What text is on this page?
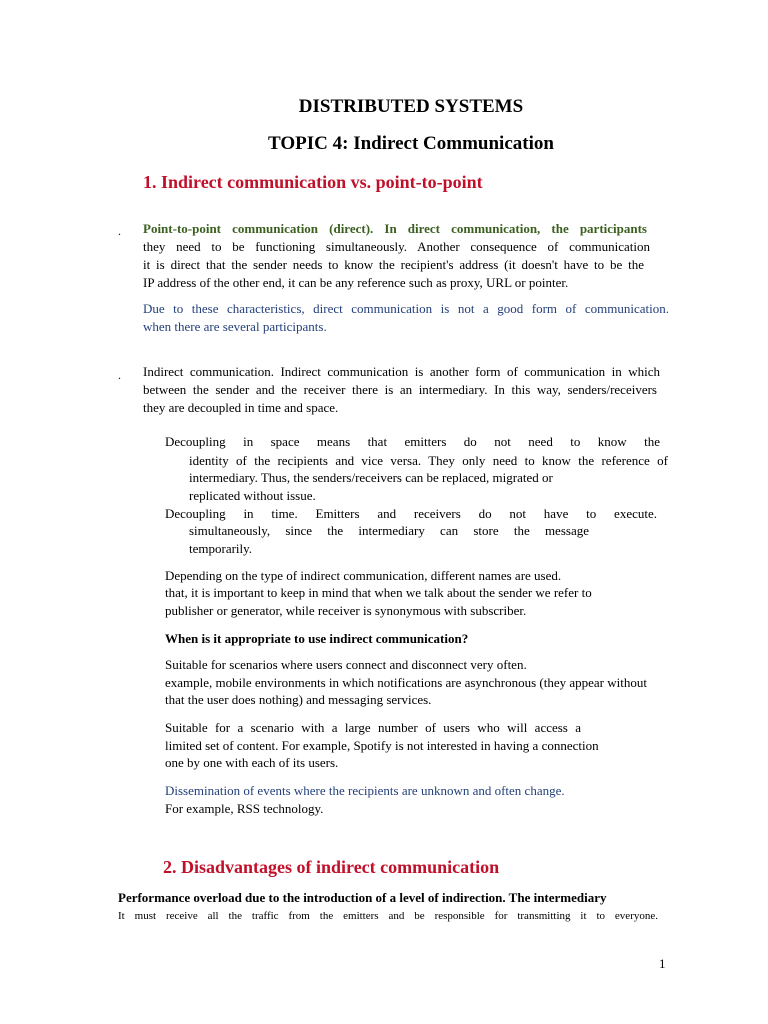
DISTRIBUTED SYSTEMS
TOPIC 4: Indirect Communication
1. Indirect communication vs. point-to-point
. Point-to-point communication (direct). In direct communication, the participants
they need to be functioning simultaneously. Another consequence of communication
it is direct that the sender needs to know the recipient's address (it doesn't have to be the
IP address of the other end, it can be any reference such as proxy, URL or pointer.
Due to these characteristics, direct communication is not a good form of communication.
when there are several participants.
. Indirect communication. Indirect communication is another form of communication in which
between the sender and the receiver there is an intermediary. In this way, senders/receivers
they are decoupled in time and space.
Decoupling in space means that emitters do not need to know the
identity of the recipients and vice versa. They only need to know the reference of
intermediary. Thus, the senders/receivers can be replaced, migrated or
replicated without issue.
Decoupling in time. Emitters and receivers do not have to execute.
simultaneously, since the intermediary can store the message
temporarily.
Depending on the type of indirect communication, different names are used.
that, it is important to keep in mind that when we talk about the sender we refer to
publisher or generator, while receiver is synonymous with subscriber.
When is it appropriate to use indirect communication?
Suitable for scenarios where users connect and disconnect very often.
example, mobile environments in which notifications are asynchronous (they appear without
that the user does nothing) and messaging services.
Suitable for a scenario with a large number of users who will access a
limited set of content. For example, Spotify is not interested in having a connection
one by one with each of its users.
Dissemination of events where the recipients are unknown and often change.
For example, RSS technology.
2. Disadvantages of indirect communication
Performance overload due to the introduction of a level of indirection. The intermediary
It must receive all the traffic from the emitters and be responsible for transmitting it to everyone.
1
